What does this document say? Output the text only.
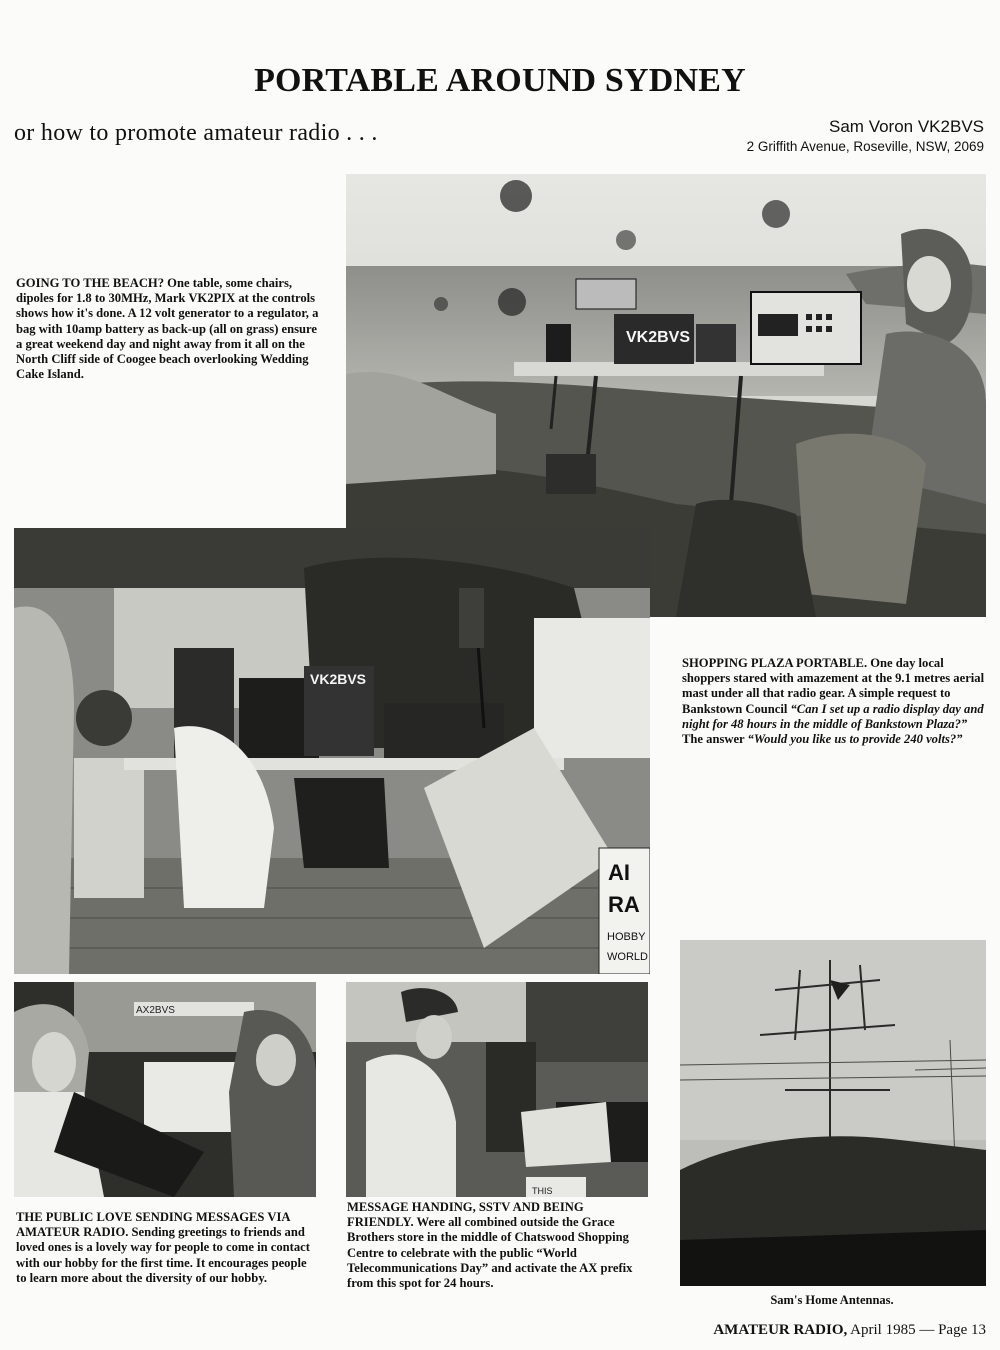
PORTABLE AROUND SYDNEY
or how to promote amateur radio . . .	Sam Voron VK2BVS
2 Griffith Avenue, Roseville, NSW, 2069
GOING TO THE BEACH? One table, some chairs, dipoles for 1.8 to 30MHz, Mark VK2PIX at the controls shows how it's done. A 12 volt generator to a regulator, a bag with 10amp battery as back-up (all on grass) ensure a great weekend day and night away from it all on the North Cliff side of Coogee beach overlooking Wedding Cake Island.
VK2BVS
AI
RA
HOBBY
WORLD
VK2BVS
SHOPPING PLAZA PORTABLE. One day local shoppers stared with amazement at the 9.1 metres aerial mast under all that radio gear. A simple request to Bankstown Council “Can I set up a radio display day and night for 48 hours in the middle of Bankstown Plaza?” The answer “Would you like us to provide 240 volts?”
AX2BVS
THIS
THE PUBLIC LOVE SENDING MESSAGES VIA AMATEUR RADIO. Sending greetings to friends and loved ones is a lovely way for people to come in contact with our hobby for the first time. It encourages people to learn more about the diversity of our hobby.
MESSAGE HANDING, SSTV AND BEING FRIENDLY. Were all combined outside the Grace Brothers store in the middle of Chatswood Shopping Centre to celebrate with the public “World Telecommunications Day” and activate the AX prefix from this spot for 24 hours.
Sam's Home Antennas.
AMATEUR RADIO, April 1985 — Page 13
